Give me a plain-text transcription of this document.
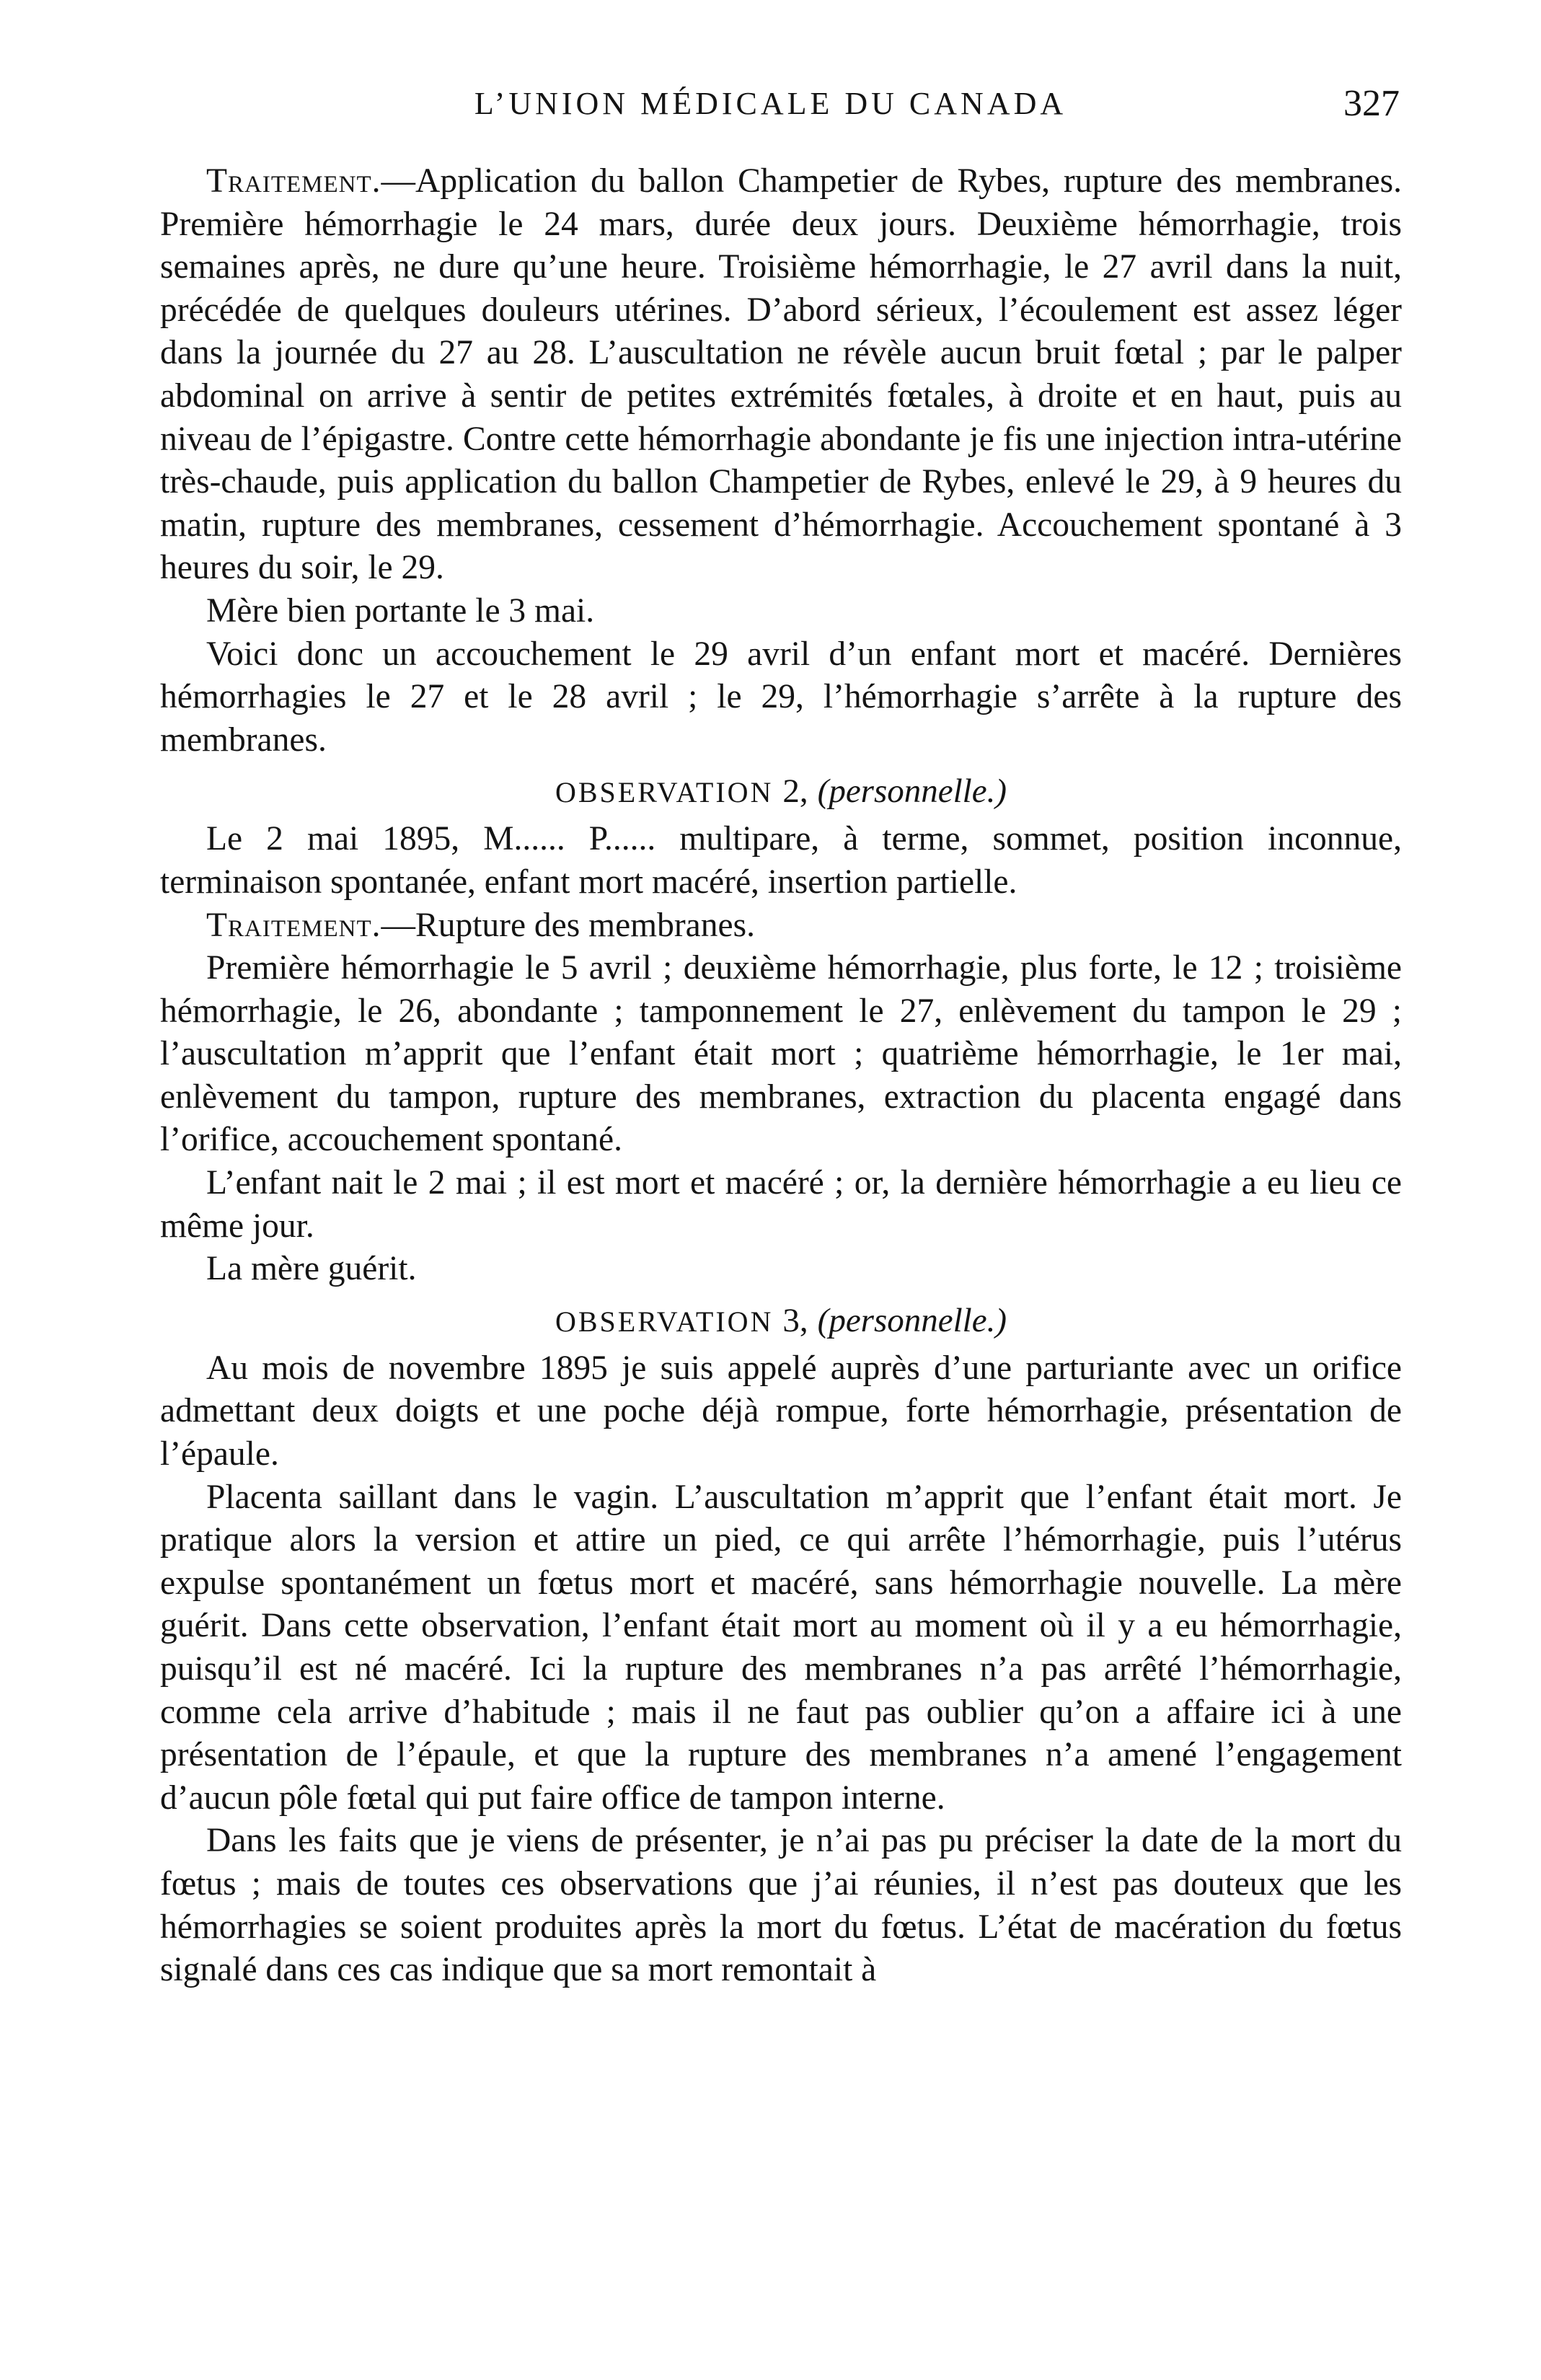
L’UNION MÉDICALE DU CANADA	327

Traitement.—Application du ballon Champetier de Rybes, rupture des membranes. Première hémorrhagie le 24 mars, durée deux jours. Deuxième hémorrhagie, trois semaines après, ne dure qu’une heure. Troisième hémorrhagie, le 27 avril dans la nuit, précédée de quelques douleurs utérines. D’abord sérieux, l’écoulement est assez léger dans la journée du 27 au 28. L’auscultation ne révèle aucun bruit fœtal ; par le palper abdominal on arrive à sentir de petites extrémités fœtales, à droite et en haut, puis au niveau de l’épigastre. Contre cette hémorrhagie abondante je fis une injection intra-utérine très-chaude, puis application du ballon Champetier de Rybes, enlevé le 29, à 9 heures du matin, rupture des membranes, cessement d’hémorrhagie. Accouchement spontané à 3 heures du soir, le 29.

Mère bien portante le 3 mai.

Voici donc un accouchement le 29 avril d’un enfant mort et macéré. Dernières hémorrhagies le 27 et le 28 avril ; le 29, l’hémorrhagie s’arrête à la rupture des membranes.

OBSERVATION 2, (personnelle.)

Le 2 mai 1895, M...... P...... multipare, à terme, sommet, position inconnue, terminaison spontanée, enfant mort macéré, insertion partielle.

Traitement.—Rupture des membranes.

Première hémorrhagie le 5 avril ; deuxième hémorrhagie, plus forte, le 12 ; troisième hémorrhagie, le 26, abondante ; tamponnement le 27, enlèvement du tampon le 29 ; l’auscultation m’apprit que l’enfant était mort ; quatrième hémorrhagie, le 1er mai, enlèvement du tampon, rupture des membranes, extraction du placenta engagé dans l’orifice, accouchement spontané.

L’enfant nait le 2 mai ; il est mort et macéré ; or, la dernière hémorrhagie a eu lieu ce même jour.

La mère guérit.

OBSERVATION 3, (personnelle.)

Au mois de novembre 1895 je suis appelé auprès d’une parturiante avec un orifice admettant deux doigts et une poche déjà rompue, forte hémorrhagie, présentation de l’épaule.

Placenta saillant dans le vagin. L’auscultation m’apprit que l’enfant était mort. Je pratique alors la version et attire un pied, ce qui arrête l’hémorrhagie, puis l’utérus expulse spontanément un fœtus mort et macéré, sans hémorrhagie nouvelle. La mère guérit. Dans cette observation, l’enfant était mort au moment où il y a eu hémorrhagie, puisqu’il est né macéré. Ici la rupture des membranes n’a pas arrêté l’hémorrhagie, comme cela arrive d’habitude ; mais il ne faut pas oublier qu’on a affaire ici à une présentation de l’épaule, et que la rupture des membranes n’a amené l’engagement d’aucun pôle fœtal qui put faire office de tampon interne.

Dans les faits que je viens de présenter, je n’ai pas pu préciser la date de la mort du fœtus ; mais de toutes ces observations que j’ai réunies, il n’est pas douteux que les hémorrhagies se soient produites après la mort du fœtus. L’état de macération du fœtus signalé dans ces cas indique que sa mort remontait à
